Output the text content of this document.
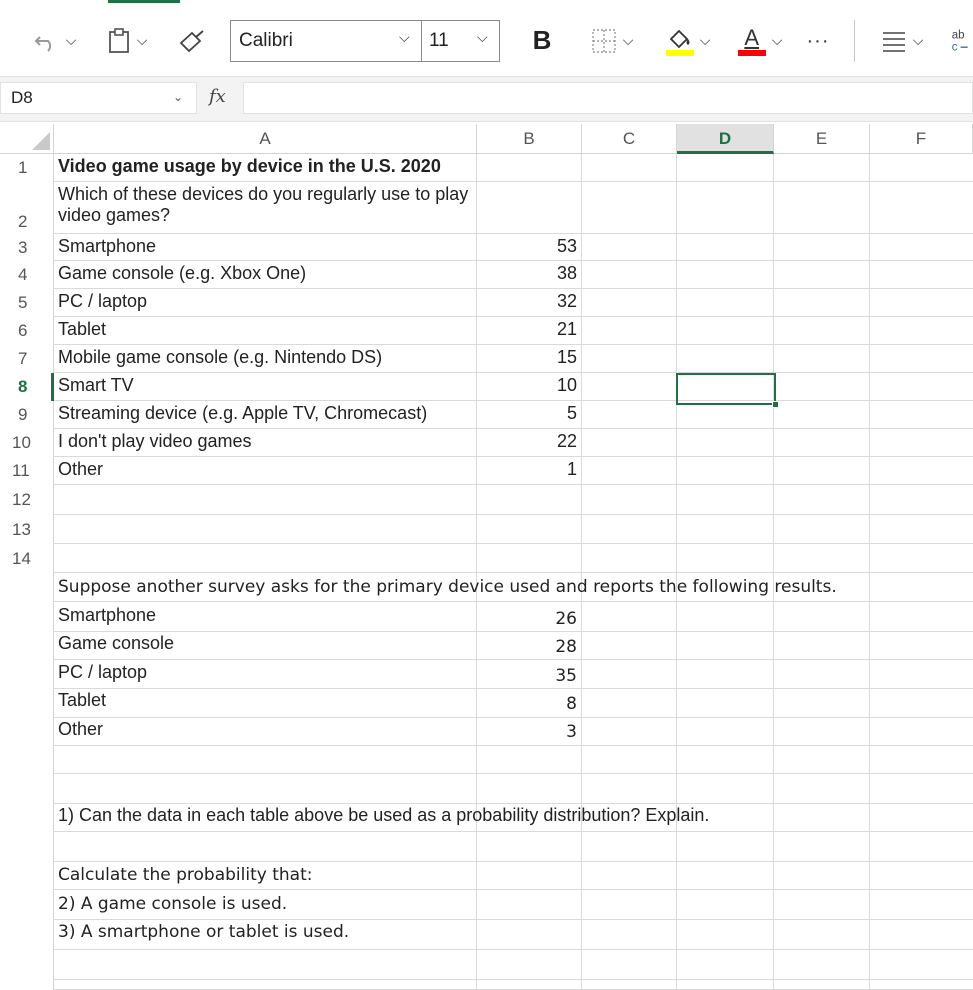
⌵	⌵	Calibri	⌵ 11 ⌵ B	⌵	⌵ A ⌵	···	⌵ ab
c
D8	⌄ fx
A	B	C	D	E	F
1
2
3
4
5
6
7
8
9
10
11
12
13
14
Video game usage by device in the U.S. 2020
Which of these devices do you regularly use to play video games?
Smartphone	53
Game console (e.g. Xbox One)	38
PC / laptop	32
Tablet	21
Mobile game console (e.g. Nintendo DS)	15
Smart TV	10
Streaming device (e.g. Apple TV, Chromecast)	5
I don't play video games	22
Other	1
Suppose another survey asks for the primary device used and reports the following results.
Smartphone	26
Game console	28
PC / laptop	35
Tablet	8
Other	3
1) Can the data in each table above be used as a probability distribution? Explain.
Calculate the probability that:
2) A game console is used.
3) A smartphone or tablet is used.
